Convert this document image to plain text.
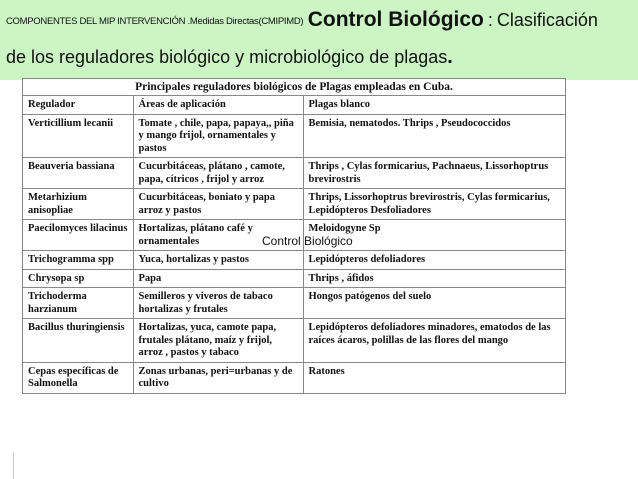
COMPONENTES DEL MIP INTERVENCIÓN .Medidas Directas(CMIPIMD) Control Biológico : Clasificación
de los reguladores biológico y microbiológico de plagas.
Principales reguladores biológicos de Plagas empleadas en Cuba.
Regulador	Áreas de aplicación	Plagas blanco
Verticillium lecanii	Tomate , chile, papa, papaya,, piña y mango frijol, ornamentales y pastos	Bemisia, nematodos. Thrips , Pseudococcidos
Beauveria bassiana	Cucurbitáceas, plátano , camote, papa, cítricos , frijol y arroz	Thrips , Cylas formicarius, Pachnaeus, Lissorhoptrus brevirostris
Metarhizium anisopliae	Cucurbitáceas, boniato y papa arroz y pastos	Thrips, Lissorhoptrus brevirostris, Cylas formicarius, Lepidópteros Desfoliadores
Paecilomyces lilacinus	Hortalizas, plátano café y ornamentales	Meloidogyne Sp
Trichogramma spp	Yuca, hortalizas y pastos	Lepidópteros defoliadores
Chrysopa sp	Papa	Thrips , áfidos
Trichoderma harzianum	Semilleros y viveros de tabaco hortalizas y frutales	Hongos patógenos del suelo
Bacillus thuringiensis	Hortalizas, yuca, camote papa, frutales plátano, maíz y frijol, arroz , pastos y tabaco	Lepidópteros defoliadores minadores, ematodos de las raíces ácaros, polillas de las flores del mango
Cepas específicas de Salmonella	Zonas urbanas, peri=urbanas y de cultivo	Ratones
Control Biológico
